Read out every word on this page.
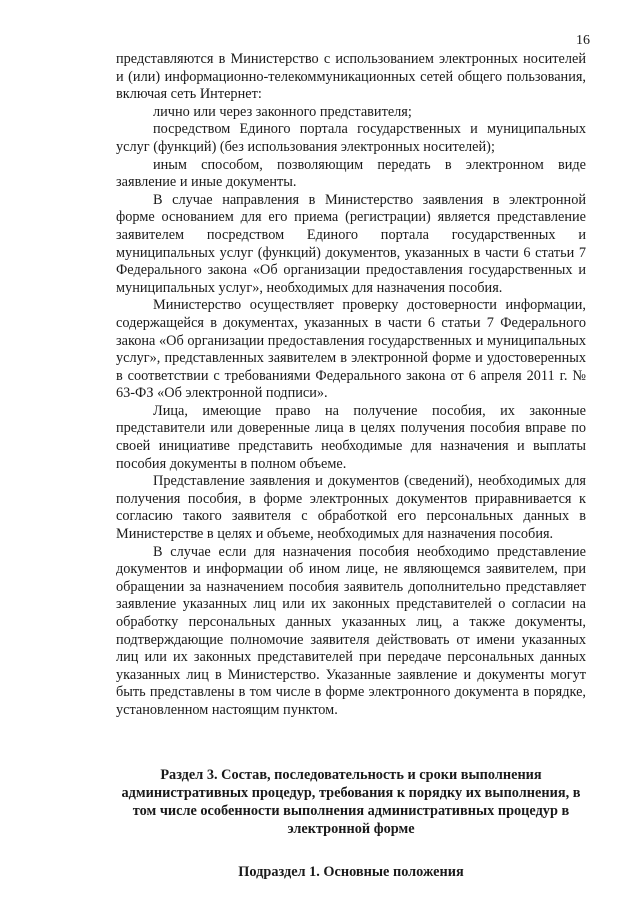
16

представляются в Министерство с использованием электронных носителей и (или) информационно-телекоммуникационных сетей общего пользования, включая сеть Интернет:

лично или через законного представителя;

посредством Единого портала государственных и муниципальных услуг (функций) (без использования электронных носителей);

иным способом, позволяющим передать в электронном виде заявление и иные документы.

В случае направления в Министерство заявления в электронной форме основанием для его приема (регистрации) является представление заявителем посредством Единого портала государственных и муниципальных услуг (функций) документов, указанных в части 6 статьи 7 Федерального закона «Об организации предоставления государственных и муниципальных услуг», необходимых для назначения пособия.

Министерство осуществляет проверку достоверности информации, содержащейся в документах, указанных в части 6 статьи 7 Федерального закона «Об организации предоставления государственных и муниципальных услуг», представленных заявителем в электронной форме и удостоверенных в соответствии с требованиями Федерального закона от 6 апреля 2011 г. № 63-ФЗ «Об электронной подписи».

Лица, имеющие право на получение пособия, их законные представители или доверенные лица в целях получения пособия вправе по своей инициативе представить необходимые для назначения и выплаты пособия документы в полном объеме.

Представление заявления и документов (сведений), необходимых для получения пособия, в форме электронных документов приравнивается к согласию такого заявителя с обработкой его персональных данных в Министерстве в целях и объеме, необходимых для назначения пособия.

В случае если для назначения пособия необходимо представление документов и информации об ином лице, не являющемся заявителем, при обращении за назначением пособия заявитель дополнительно представляет заявление указанных лиц или их законных представителей о согласии на обработку персональных данных указанных лиц, а также документы, подтверждающие полномочие заявителя действовать от имени указанных лиц или их законных представителей при передаче персональных данных указанных лиц в Министерство. Указанные заявление и документы могут быть представлены в том числе в форме электронного документа в порядке, установленном настоящим пунктом.

Раздел 3. Состав, последовательность и сроки выполнения административных процедур, требования к порядку их выполнения, в том числе особенности выполнения административных процедур в электронной форме
Подраздел 1. Основные положения
